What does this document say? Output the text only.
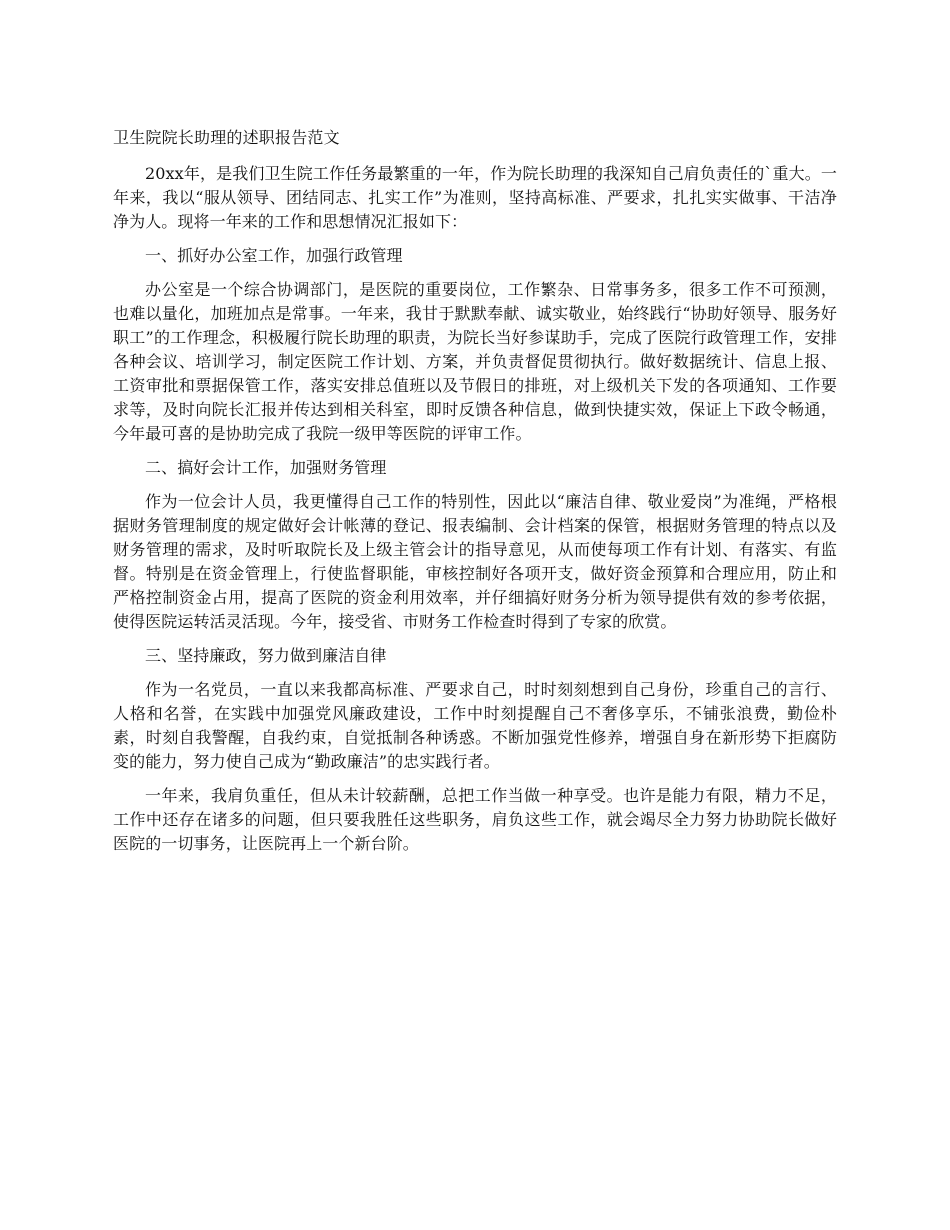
卫生院院长助理的述职报告范文

20xx年，是我们卫生院工作任务最繁重的一年，作为院长助理的我深知自己肩负责任的`重大。一年来，我以“服从领导、团结同志、扎实工作”为准则，坚持高标准、严要求，扎扎实实做事、干洁净净为人。现将一年来的工作和思想情况汇报如下：

一、抓好办公室工作，加强行政管理

办公室是一个综合协调部门，是医院的重要岗位，工作繁杂、日常事务多，很多工作不可预测，也难以量化，加班加点是常事。一年来，我甘于默默奉献、诚实敬业，始终践行“协助好领导、服务好职工”的工作理念，积极履行院长助理的职责，为院长当好参谋助手，完成了医院行政管理工作，安排各种会议、培训学习，制定医院工作计划、方案，并负责督促贯彻执行。做好数据统计、信息上报、工资审批和票据保管工作，落实安排总值班以及节假日的排班，对上级机关下发的各项通知、工作要求等，及时向院长汇报并传达到相关科室，即时反馈各种信息，做到快捷实效，保证上下政令畅通，今年最可喜的是协助完成了我院一级甲等医院的评审工作。

二、搞好会计工作，加强财务管理

作为一位会计人员，我更懂得自己工作的特别性，因此以“廉洁自律、敬业爱岗”为准绳，严格根据财务管理制度的规定做好会计帐薄的登记、报表编制、会计档案的保管，根据财务管理的特点以及财务管理的需求，及时听取院长及上级主管会计的指导意见，从而使每项工作有计划、有落实、有监督。特别是在资金管理上，行使监督职能，审核控制好各项开支，做好资金预算和合理应用，防止和严格控制资金占用，提高了医院的资金利用效率，并仔细搞好财务分析为领导提供有效的参考依据，使得医院运转活灵活现。今年，接受省、市财务工作检查时得到了专家的欣赏。

三、坚持廉政，努力做到廉洁自律

作为一名党员，一直以来我都高标准、严要求自己，时时刻刻想到自己身份，珍重自己的言行、人格和名誉，在实践中加强党风廉政建设，工作中时刻提醒自己不奢侈享乐，不铺张浪费，勤俭朴素，时刻自我警醒，自我约束，自觉抵制各种诱惑。不断加强党性修养，增强自身在新形势下拒腐防变的能力，努力使自己成为“勤政廉洁”的忠实践行者。

一年来，我肩负重任，但从未计较薪酬，总把工作当做一种享受。也许是能力有限，精力不足，工作中还存在诸多的问题，但只要我胜任这些职务，肩负这些工作，就会竭尽全力努力协助院长做好医院的一切事务，让医院再上一个新台阶。
